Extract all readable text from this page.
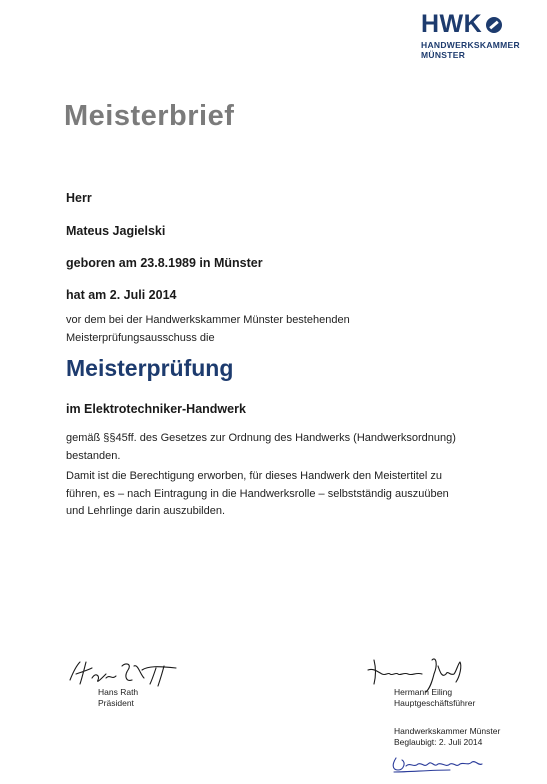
HWK
HANDWERKSKAMMER
MÜNSTER
Meisterbrief
Herr
Mateus Jagielski
geboren am 23.8.1989 in Münster
hat am 2. Juli 2014
vor dem bei der Handwerkskammer Münster bestehenden
Meisterprüfungsausschuss die
Meisterprüfung
im Elektrotechniker-Handwerk
gemäß §§45ff. des Gesetzes zur Ordnung des Handwerks (Handwerksordnung)
bestanden.
Damit ist die Berechtigung erworben, für dieses Handwerk den Meistertitel zu
führen, es – nach Eintragung in die Handwerksrolle – selbstständig auszuüben
und Lehrlinge darin auszubilden.
Hans Rath
Präsident
Hermann Eiling
Hauptgeschäftsführer
Handwerkskammer Münster
Beglaubigt: 2. Juli 2014
